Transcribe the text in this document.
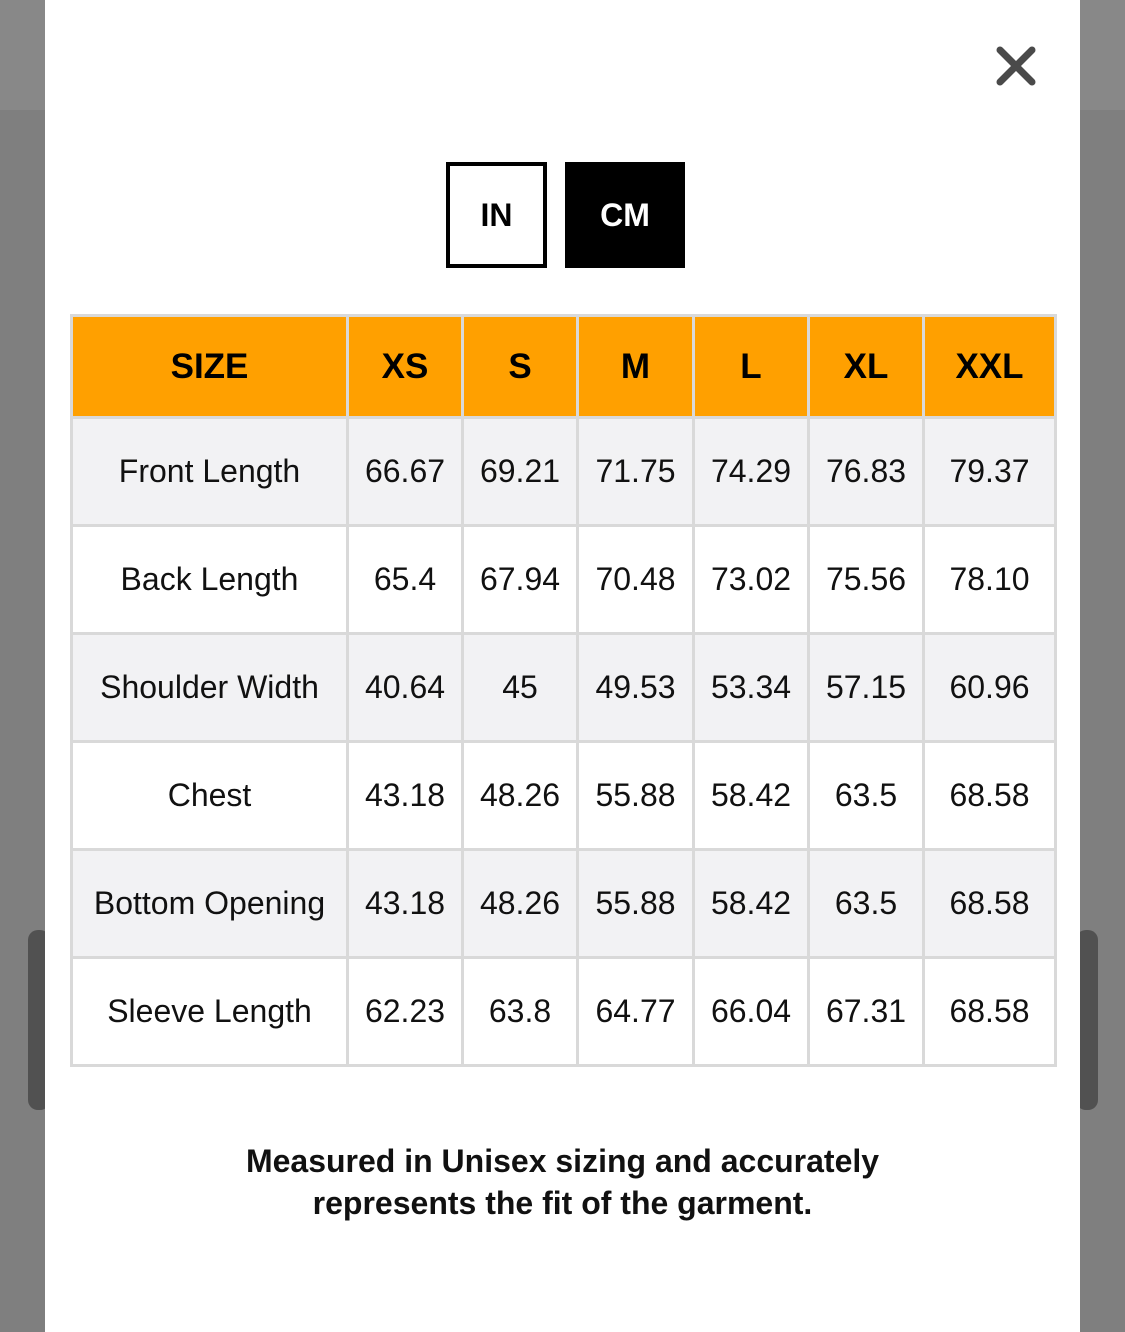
IN	CM
SIZE	XS	S	M	L	XL	XXL
Front Length	66.67	69.21	71.75	74.29	76.83	79.37
Back Length	65.4	67.94	70.48	73.02	75.56	78.10
Shoulder Width	40.64	45	49.53	53.34	57.15	60.96
Chest	43.18	48.26	55.88	58.42	63.5	68.58
Bottom Opening	43.18	48.26	55.88	58.42	63.5	68.58
Sleeve Length	62.23	63.8	64.77	66.04	67.31	68.58
Measured in Unisex sizing and accurately
represents the fit of the garment.
